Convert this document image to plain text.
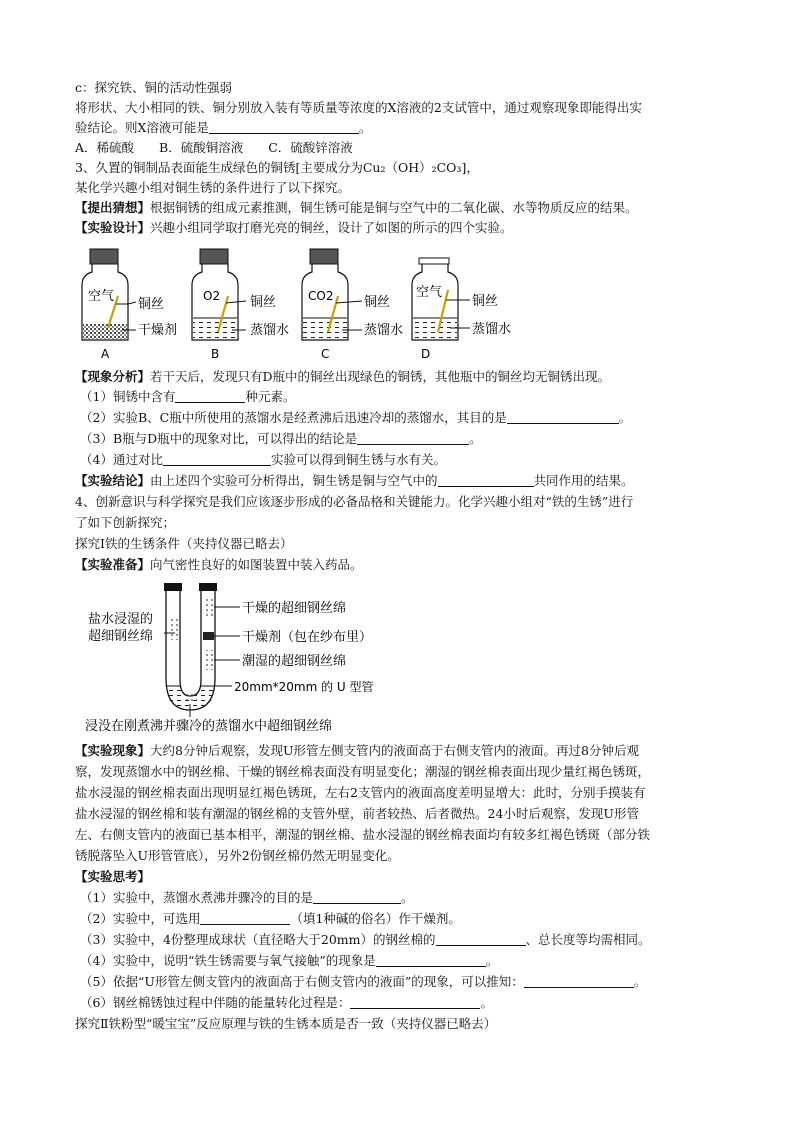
c：探究铁、铜的活动性强弱
将形状、大小相同的铁、铜分别放入装有等质量等浓度的X溶液的2支试管中，通过观察现象即能得出实
验结论。则X溶液可能是	。
A．稀硫酸　　B．硫酸铜溶液　　C．硫酸锌溶液
3、久置的铜制品表面能生成绿色的铜锈[主要成分为Cu₂（OH）₂CO₃]，
某化学兴趣小组对铜生锈的条件进行了以下探究。
【提出猜想】根据铜锈的组成元素推测，铜生锈可能是铜与空气中的二氧化碳、水等物质反应的结果。
【实验设计】兴趣小组同学取打磨光亮的铜丝，设计了如图的所示的四个实验。
空气
铜丝
干燥剂
A
O2 铜丝
蒸馏水
B
CO2 铜丝
蒸馏水
C
空气
铜丝
蒸馏水
D
【现象分析】若干天后，发现只有D瓶中的铜丝出现绿色的铜锈，其他瓶中的铜丝均无铜锈出现。
（1）铜锈中含有	种元素。
（2）实验B、C瓶中所使用的蒸馏水是经煮沸后迅速冷却的蒸馏水，其目的是	。
（3）B瓶与D瓶中的现象对比，可以得出的结论是	。
（4）通过对比	实验可以得到铜生锈与水有关。
【实验结论】由上述四个实验可分析得出，铜生锈是铜与空气中的	共同作用的结果。
4、创新意识与科学探究是我们应该逐步形成的必备品格和关键能力。化学兴趣小组对“铁的生锈”进行
了如下创新探究；
探究Ⅰ铁的生锈条件（夹持仪器已略去）
【实验准备】向气密性良好的如图装置中装入药品。
盐水浸湿的
超细钢丝绵
干燥的超细钢丝绵
干燥剂（包在纱布里）
潮湿的超细钢丝绵
20mm*20mm 的 U 型管
浸没在刚煮沸并骤冷的蒸馏水中超细钢丝绵
【实验现象】大约8分钟后观察，发现U形管左侧支管内的液面高于右侧支管内的液面。再过8分钟后观
察，发现蒸馏水中的钢丝棉、干燥的钢丝棉表面没有明显变化；潮湿的钢丝棉表面出现少量红褐色锈斑，
盐水浸湿的钢丝棉表面出现明显红褐色锈斑，左右2支管内的液面高度差明显增大：此时，分别手摸装有
盐水浸湿的钢丝棉和装有潮湿的钢丝棉的支管外壁，前者较热、后者微热。24小时后观察，发现U形管
左、右侧支管内的液面已基本相平，潮湿的钢丝棉、盐水浸湿的钢丝棉表面均有较多红褐色锈斑（部分铁
锈脱落坠入U形管管底），另外2份钢丝棉仍然无明显变化。
【实验思考】
（1）实验中，蒸馏水煮沸并骤冷的目的是	。
（2）实验中，可选用	（填1种碱的俗名）作干燥剂。
（3）实验中，4份整理成球状（直径略大于20mm）的钢丝棉的	、总长度等均需相同。
（4）实验中，说明“铁生锈需要与氧气接触”的现象是	。
（5）依据“U形管左侧支管内的液面高于右侧支管内的液面”的现象，可以推知：	。
（6）钢丝棉锈蚀过程中伴随的能量转化过程是：	。
探究Ⅱ铁粉型“暖宝宝”反应原理与铁的生锈本质是否一致（夹持仪器已略去）
